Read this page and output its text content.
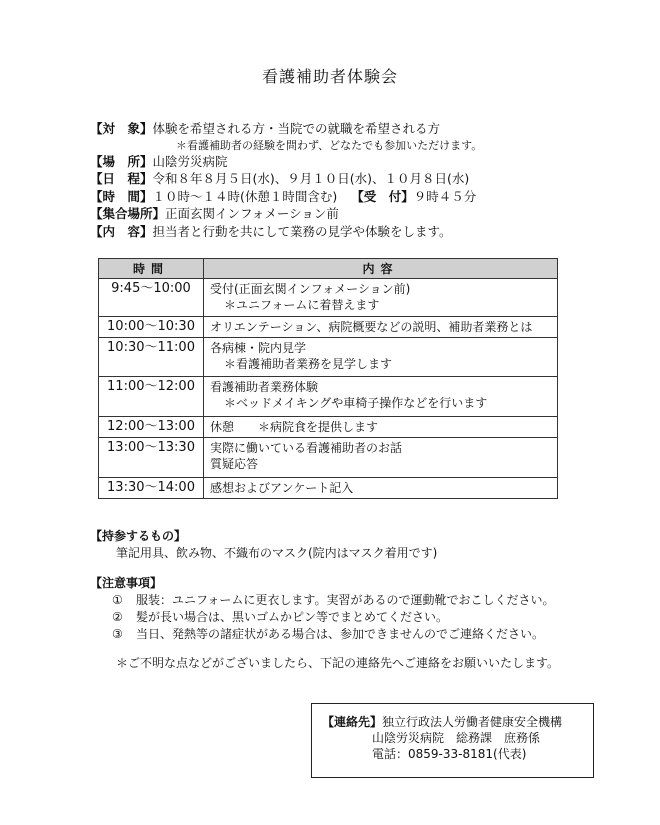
看護補助者体験会
【対　象】体験を希望される方・当院での就職を希望される方
＊看護補助者の経験を問わず、どなたでも参加いただけます。
【場　所】山陰労災病院
【日　程】令和８年８月５日(水)、９月１０日(水)、１０月８日(水)
【時　間】１０時～１４時(休憩１時間含む) 【受　付】９時４５分
【集合場所】正面玄関インフォメーション前
【内　容】担当者と行動を共にして業務の見学や体験をします。
時間	内容
9:45～10:00	受付(正面玄関インフォメーション前)
＊ユニフォームに着替えます

10:00～10:30	オリエンテーション、病院概要などの説明、補助者業務とは
10:30～11:00	各病棟・院内見学
＊看護補助者業務を見学します

11:00～12:00	看護補助者業務体験
＊ベッドメイキングや車椅子操作などを行います

12:00～13:00	休憩　　＊病院食を提供します
13:00～13:30	実際に働いている看護補助者のお話
質疑応答

13:30～14:00	感想およびアンケート記入
【持参するもの】
筆記用具、飲み物、不織布のマスク(院内はマスク着用です)
【注意事項】
① 服装：ユニフォームに更衣します。実習があるので運動靴でおこしください。
② 髪が長い場合は、黒いゴムかピン等でまとめてください。
③ 当日、発熱等の諸症状がある場合は、参加できませんのでご連絡ください。
＊ご不明な点などがございましたら、下記の連絡先へご連絡をお願いいたします。
【連絡先】独立行政法人労働者健康安全機構
山陰労災病院　総務課　庶務係
電話：0859-33-8181(代表)
